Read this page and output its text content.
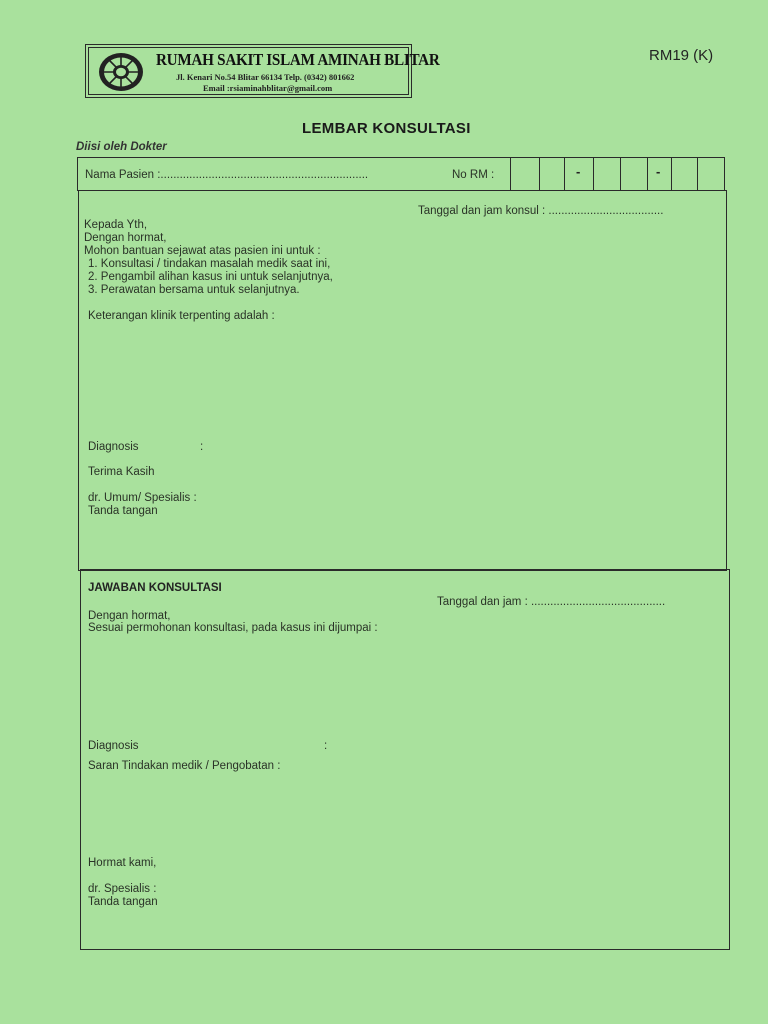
RUMAH SAKIT ISLAM AMINAH BLITAR
Jl. Kenari No.54 Blitar 66134 Telp. (0342) 801662
Email :rsiaminahblitar@gmail.com
RM19 (K)
LEMBAR KONSULTASI
Diisi oleh Dokter
Nama Pasien :.................................................................	No RM :	-	-
Tanggal dan jam konsul : ....................................
Kepada Yth,
Dengan hormat,
Mohon bantuan sejawat atas pasien ini untuk :
1. Konsultasi / tindakan masalah medik saat ini,
2. Pengambil alihan kasus ini untuk selanjutnya,
3. Perawatan bersama untuk selanjutnya.
Keterangan klinik terpenting adalah :
Diagnosis	:
Terima Kasih
dr. Umum/ Spesialis :
Tanda tangan
JAWABAN KONSULTASI
Tanggal dan jam : ..........................................
Dengan hormat,
Sesuai permohonan konsultasi, pada kasus ini dijumpai :
Diagnosis	:
Saran Tindakan medik / Pengobatan :
Hormat kami,
dr. Spesialis :
Tanda tangan
